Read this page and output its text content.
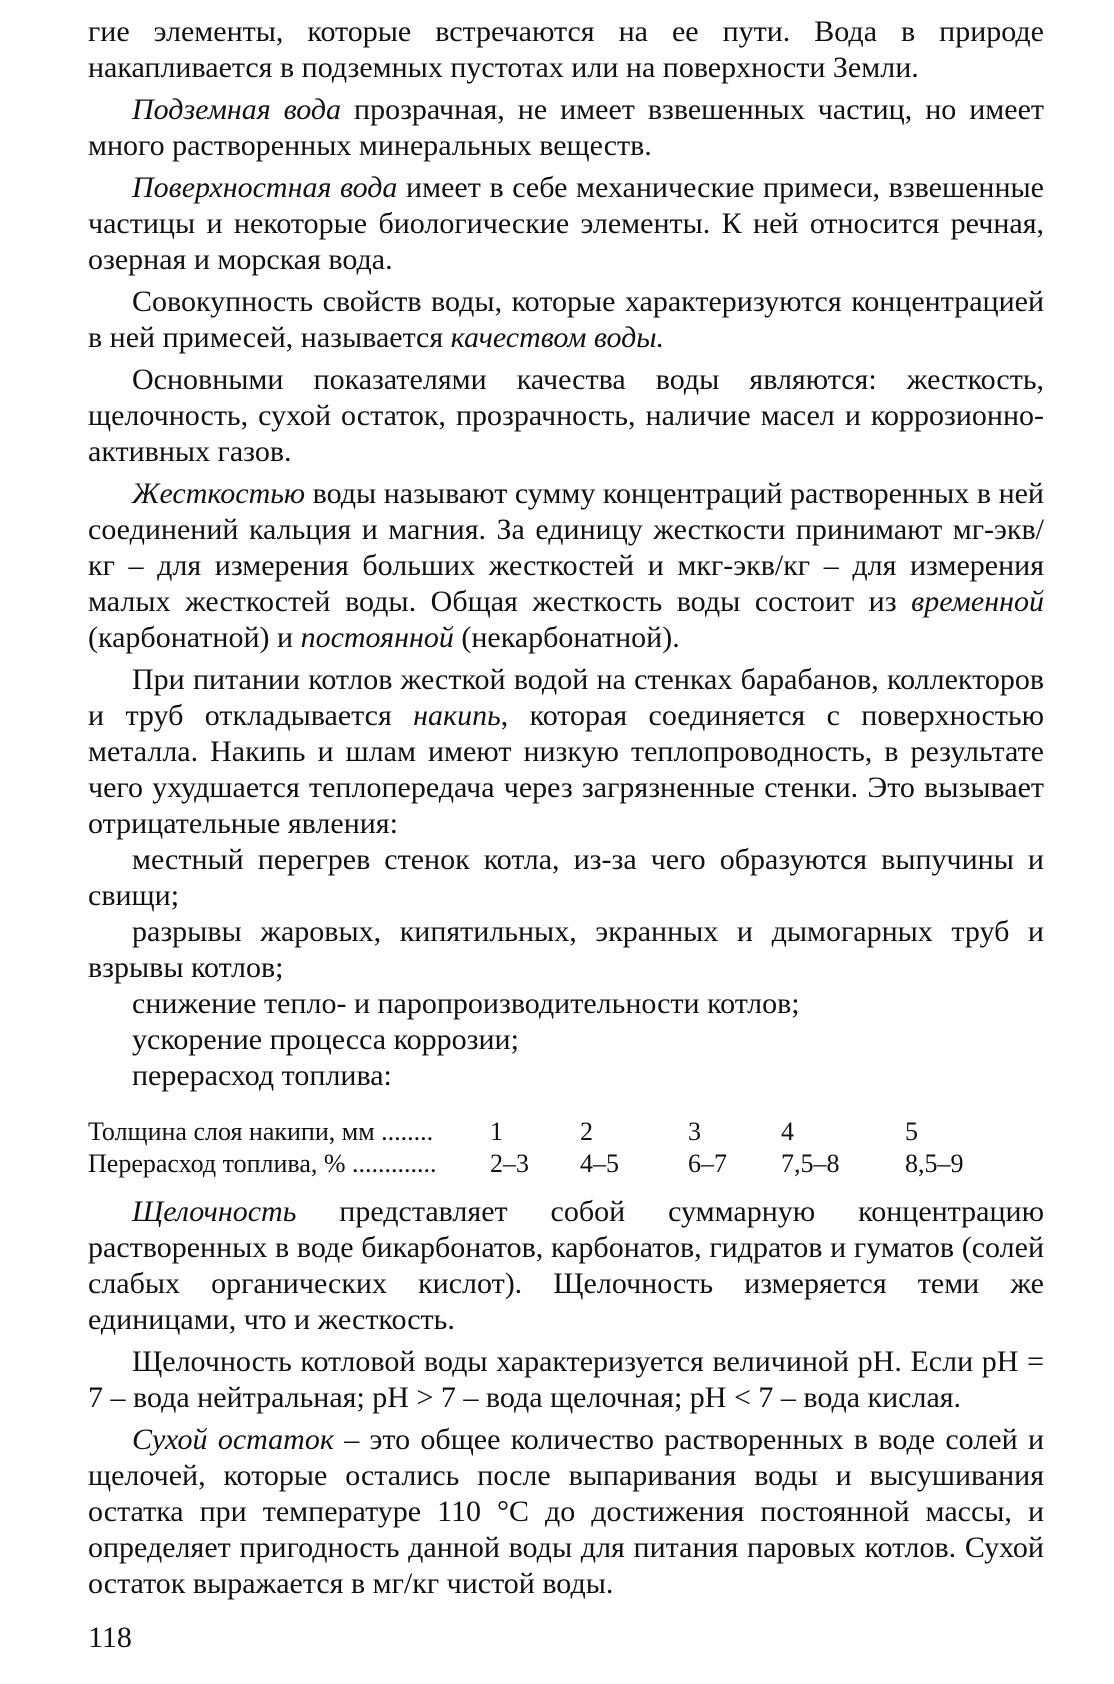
гие элементы, которые встречаются на ее пути. Вода в природе накапливается в подземных пустотах или на поверхности Земли.

Подземная вода прозрачная, не имеет взвешенных частиц, но имеет много растворенных минеральных веществ.

Поверхностная вода имеет в себе механические примеси, взвешенные частицы и некоторые биологические элементы. К ней относится речная, озерная и морская вода.

Совокупность свойств воды, которые характеризуются концентрацией в ней примесей, называется качеством воды.

Основными показателями качества воды являются: жесткость, щелочность, сухой остаток, прозрачность, наличие масел и коррозионно-активных газов.

Жесткостью воды называют сумму концентраций растворенных в ней соединений кальция и магния. За единицу жесткости принимают мг-экв/кг – для измерения больших жесткостей и мкг-экв/кг – для измерения малых жесткостей воды. Общая жесткость воды состоит из временной (карбонатной) и постоянной (некарбонатной).

При питании котлов жесткой водой на стенках барабанов, коллекторов и труб откладывается накипь, которая соединяется с поверхностью металла. Накипь и шлам имеют низкую теплопроводность, в результате чего ухудшается теплопередача через загрязненные стенки. Это вызывает отрицательные явления:

местный перегрев стенок котла, из-за чего образуются выпучины и свищи;

разрывы жаровых, кипятильных, экранных и дымогарных труб и взрывы котлов;

снижение тепло- и паропроизводительности котлов;

ускорение процесса коррозии;

перерасход топлива:

Толщина слоя накипи, мм ........	1	2	3	4	5
Перерасход топлива, % .............	2–3	4–5	6–7	7,5–8	8,5–9

Щелочность представляет собой суммарную концентрацию растворенных в воде бикарбонатов, карбонатов, гидратов и гуматов (солей слабых органических кислот). Щелочность измеряется теми же единицами, что и жесткость.

Щелочность котловой воды характеризуется величиной pH. Если pH = 7 – вода нейтральная; pH > 7 – вода щелочная; pH < 7 – вода кислая.

Сухой остаток – это общее количество растворенных в воде солей и щелочей, которые остались после выпаривания воды и высушивания остатка при температуре 110 °С до достижения постоянной массы, и определяет пригодность данной воды для питания паровых котлов. Сухой остаток выражается в мг/кг чистой воды.

118
